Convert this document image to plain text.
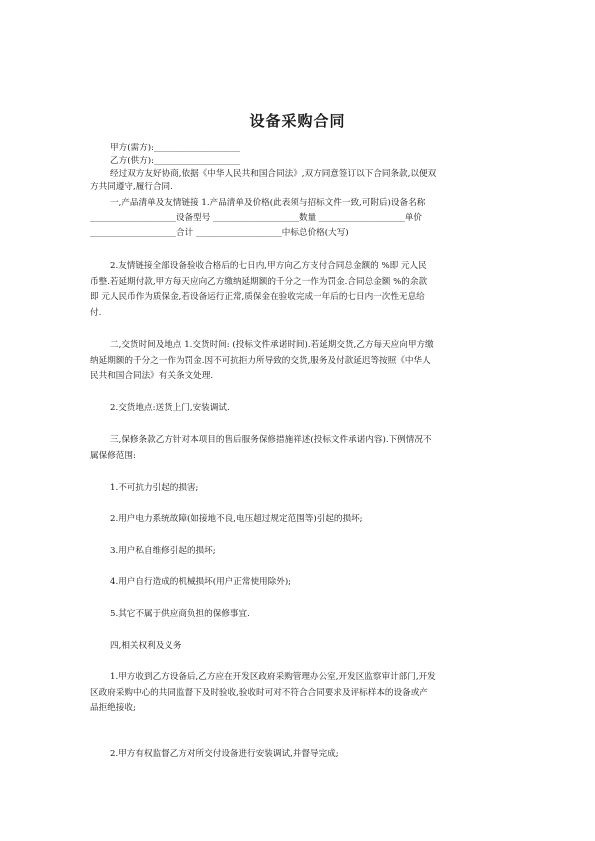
设备采购合同
甲方(需方):____________________
乙方(供方):____________________
经过双方友好协商,依据《中华人民共和国合同法》,双方同意签订以下合同条款,以便双
方共同遵守,履行合同.
一,产品清单及友情链接 1.产品清单及价格(此表须与招标文件一致,可附后)设备名称
____________________设备型号 ____________________数量 ____________________单价
____________________合计 ____________________中标总价格(大写)
2.友情链接全部设备验收合格后的七日内,甲方向乙方支付合同总金额的 %即 元人民
币整.若延期付款,甲方每天应向乙方缴纳延期额的千分之一作为罚金.合同总金额 %的余款
即 元人民币作为质保金,若设备运行正常,质保金在验收完成一年后的七日内一次性无息给
付.
二,交货时间及地点 1.交货时间: (投标文件承诺时间).若延期交货,乙方每天应向甲方缴
纳延期额的千分之一作为罚金.因不可抗拒力所导致的交货,服务及付款延迟等按照《中华人
民共和国合同法》有关条文处理.
2.交货地点:送货上门,安装调试.
三,保修条款乙方针对本项目的售后服务保修措施祥述(投标文件承诺内容).下例情况不
属保修范围:
1.不可抗力引起的损害;
2.用户电力系统故障(如接地不良,电压超过规定范围等)引起的损坏;
3.用户私自维修引起的损坏;
4.用户自行造成的机械损坏(用户正常使用除外);
5.其它不属于供应商负担的保修事宜.
四,相关权利及义务
1.甲方收到乙方设备后,乙方应在开发区政府采购管理办公室,开发区监察审计部门,开发
区政府采购中心的共同监督下及时验收,验收时可对不符合合同要求及评标样本的设备或产
品拒绝接收;
2.甲方有权监督乙方对所交付设备进行安装调试,并督导完成;
